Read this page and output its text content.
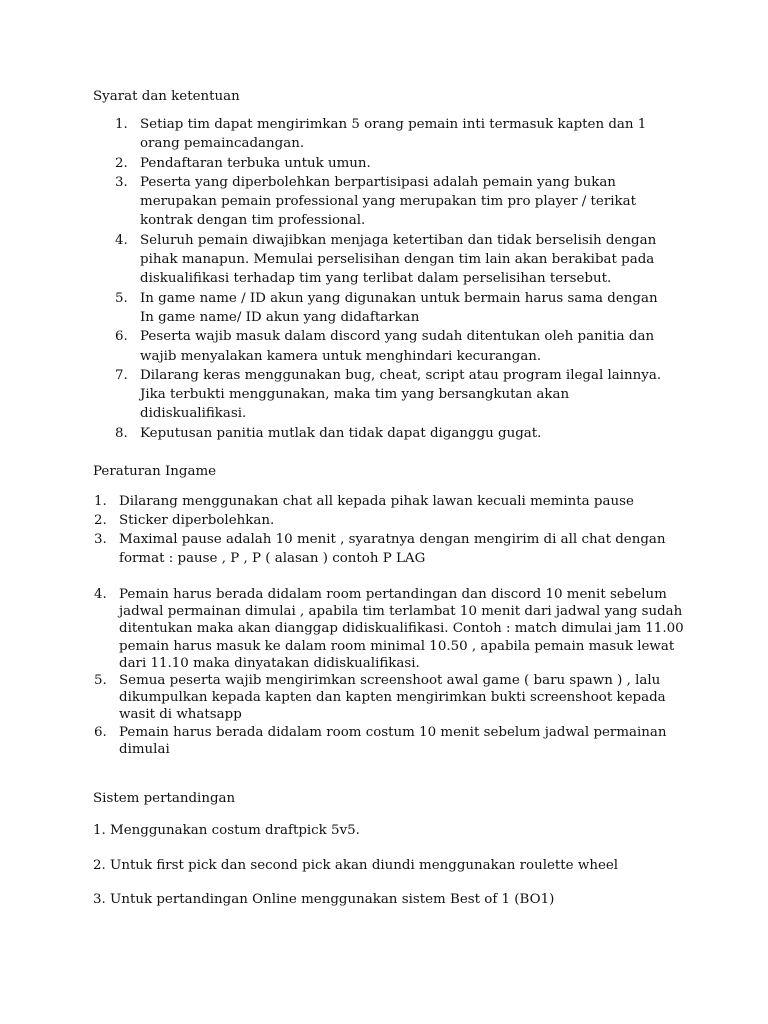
Syarat dan ketentuan
1. Setiap tim dapat mengirimkan 5 orang pemain inti termasuk kapten dan 1 orang pemaincadangan.
2. Pendaftaran terbuka untuk umun.
3. Peserta yang diperbolehkan berpartisipasi adalah pemain yang bukan merupakan pemain professional yang merupakan tim pro player / terikat kontrak dengan tim professional.
4. Seluruh pemain diwajibkan menjaga ketertiban dan tidak berselisih dengan pihak manapun. Memulai perselisihan dengan tim lain akan berakibat pada diskualifikasi terhadap tim yang terlibat dalam perselisihan tersebut.
5. In game name / ID akun yang digunakan untuk bermain harus sama dengan In game name/ ID akun yang didaftarkan
6. Peserta wajib masuk dalam discord yang sudah ditentukan oleh panitia dan wajib menyalakan kamera untuk menghindari kecurangan.
7. Dilarang keras menggunakan bug, cheat, script atau program ilegal lainnya. Jika terbukti menggunakan, maka tim yang bersangkutan akan didiskualifikasi.
8. Keputusan panitia mutlak dan tidak dapat diganggu gugat.
Peraturan Ingame
1. Dilarang menggunakan chat all kepada pihak lawan kecuali meminta pause
2. Sticker diperbolehkan.
3. Maximal pause adalah 10 menit , syaratnya dengan mengirim di all chat dengan format : pause , P , P ( alasan ) contoh P LAG
4. Pemain harus berada didalam room pertandingan dan discord 10 menit sebelum jadwal permainan dimulai , apabila tim terlambat 10 menit dari jadwal yang sudah ditentukan maka akan dianggap didiskualifikasi. Contoh : match dimulai jam 11.00 pemain harus masuk ke dalam room minimal 10.50 , apabila pemain masuk lewat dari 11.10 maka dinyatakan didiskualifikasi.
5. Semua peserta wajib mengirimkan screenshoot awal game ( baru spawn ) , lalu dikumpulkan kepada kapten dan kapten mengirimkan bukti screenshoot kepada wasit di whatsapp
6. Pemain harus berada didalam room costum 10 menit sebelum jadwal permainan dimulai
Sistem pertandingan
1. Menggunakan costum draftpick 5v5.
2. Untuk first pick dan second pick akan diundi menggunakan roulette wheel
3. Untuk pertandingan Online menggunakan sistem Best of 1 (BO1)
